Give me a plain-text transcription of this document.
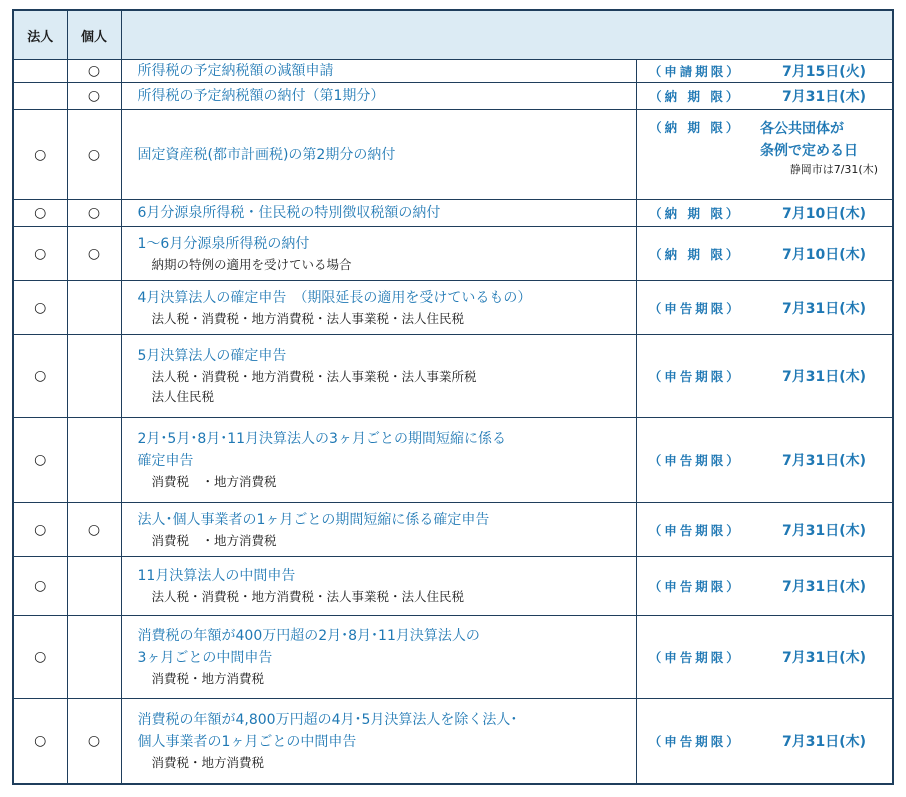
法人	個人			
	○	所得税の予定納税額の減額申請	（申請期限）	7月15日(火)
	○	所得税の予定納税額の納付（第1期分）	（納 期 限）	7月31日(木)
○	○	固定資産税(都市計画税)の第2期分の納付	（納 期 限）	各公共団体が
条例で定める日
静岡市は7/31(木)

○	○	6月分源泉所得税・住民税の特別徴収税額の納付	（納 期 限）	7月10日(木)
○	○	1～6月分源泉所得税の納付
納期の特例の適用を受けている場合	（納 期 限）	7月10日(木)
○		4月決算法人の確定申告　（期限延長の適用を受けているもの）
法人税・消費税・地方消費税・法人事業税・法人住民税	（申告期限）	7月31日(木)
○		5月決算法人の確定申告
法人税・消費税・地方消費税・法人事業税・法人事業所税
法人住民税	（申告期限）	7月31日(木)
○		2月･5月･8月･11月決算法人の3ヶ月ごとの期間短縮に係る
確定申告
消費税　・地方消費税	（申告期限）	7月31日(木)
○	○	法人･個人事業者の1ヶ月ごとの期間短縮に係る確定申告
消費税　・地方消費税	（申告期限）	7月31日(木)
○		11月決算法人の中間申告
法人税・消費税・地方消費税・法人事業税・法人住民税	（申告期限）	7月31日(木)
○		消費税の年額が400万円超の2月･8月･11月決算法人の
3ヶ月ごとの中間申告
消費税・地方消費税	（申告期限）	7月31日(木)
○	○	消費税の年額が4,800万円超の4月･5月決算法人を除く法人･
個人事業者の1ヶ月ごとの中間申告
消費税・地方消費税	（申告期限）	7月31日(木)
